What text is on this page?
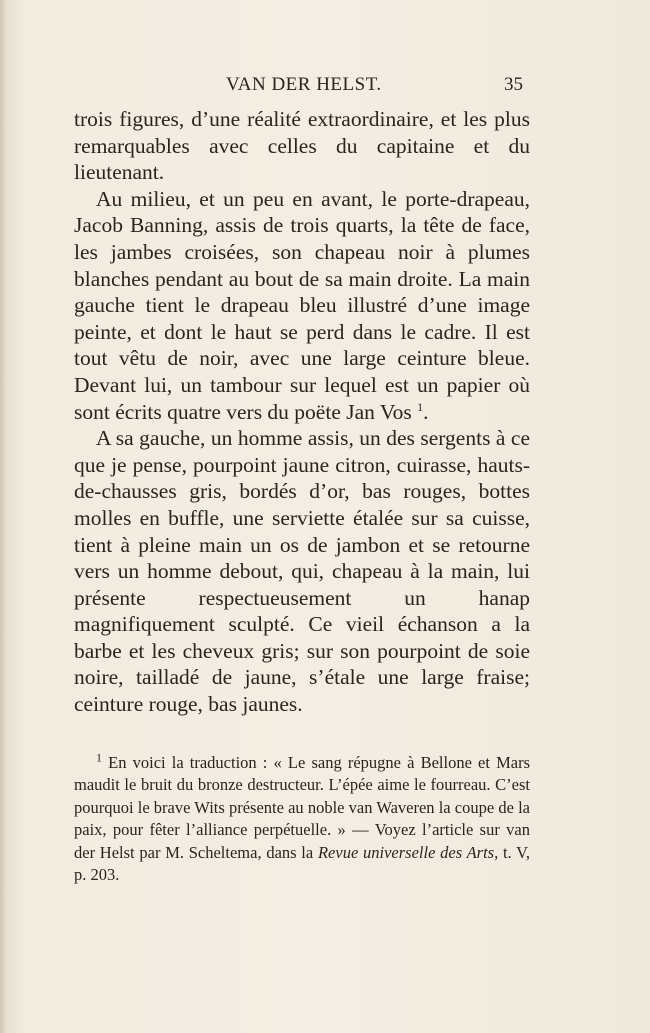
VAN DER HELST.	35

trois figures, d’une réalité extraordinaire, et les plus remarquables avec celles du capitaine et du lieutenant.

Au milieu, et un peu en avant, le porte-drapeau, Jacob Banning, assis de trois quarts, la tête de face, les jambes croisées, son chapeau noir à plumes blanches pendant au bout de sa main droite. La main gauche tient le drapeau bleu illustré d’une image peinte, et dont le haut se perd dans le cadre. Il est tout vêtu de noir, avec une large ceinture bleue. Devant lui, un tambour sur lequel est un papier où sont écrits quatre vers du poëte Jan Vos $^1$.

A sa gauche, un homme assis, un des sergents à ce que je pense, pourpoint jaune citron, cuirasse, hauts-de-chausses gris, bordés d’or, bas rouges, bottes molles en buffle, une serviette étalée sur sa cuisse, tient à pleine main un os de jambon et se retourne vers un homme debout, qui, chapeau à la main, lui présente respectueusement un hanap magnifiquement sculpté. Ce vieil échanson a la barbe et les cheveux gris; sur son pourpoint de soie noire, tailladé de jaune, s’étale une large fraise; ceinture rouge, bas jaunes.

$^1$ En voici la traduction : « Le sang répugne à Bellone et Mars maudit le bruit du bronze destructeur. L’épée aime le fourreau. C’est pourquoi le brave Wits présente au noble van Waveren la coupe de la paix, pour fêter l’alliance perpétuelle. » — Voyez l’article sur van der Helst par M. Scheltema, dans la Revue universelle des Arts, t. V, p. 203.
